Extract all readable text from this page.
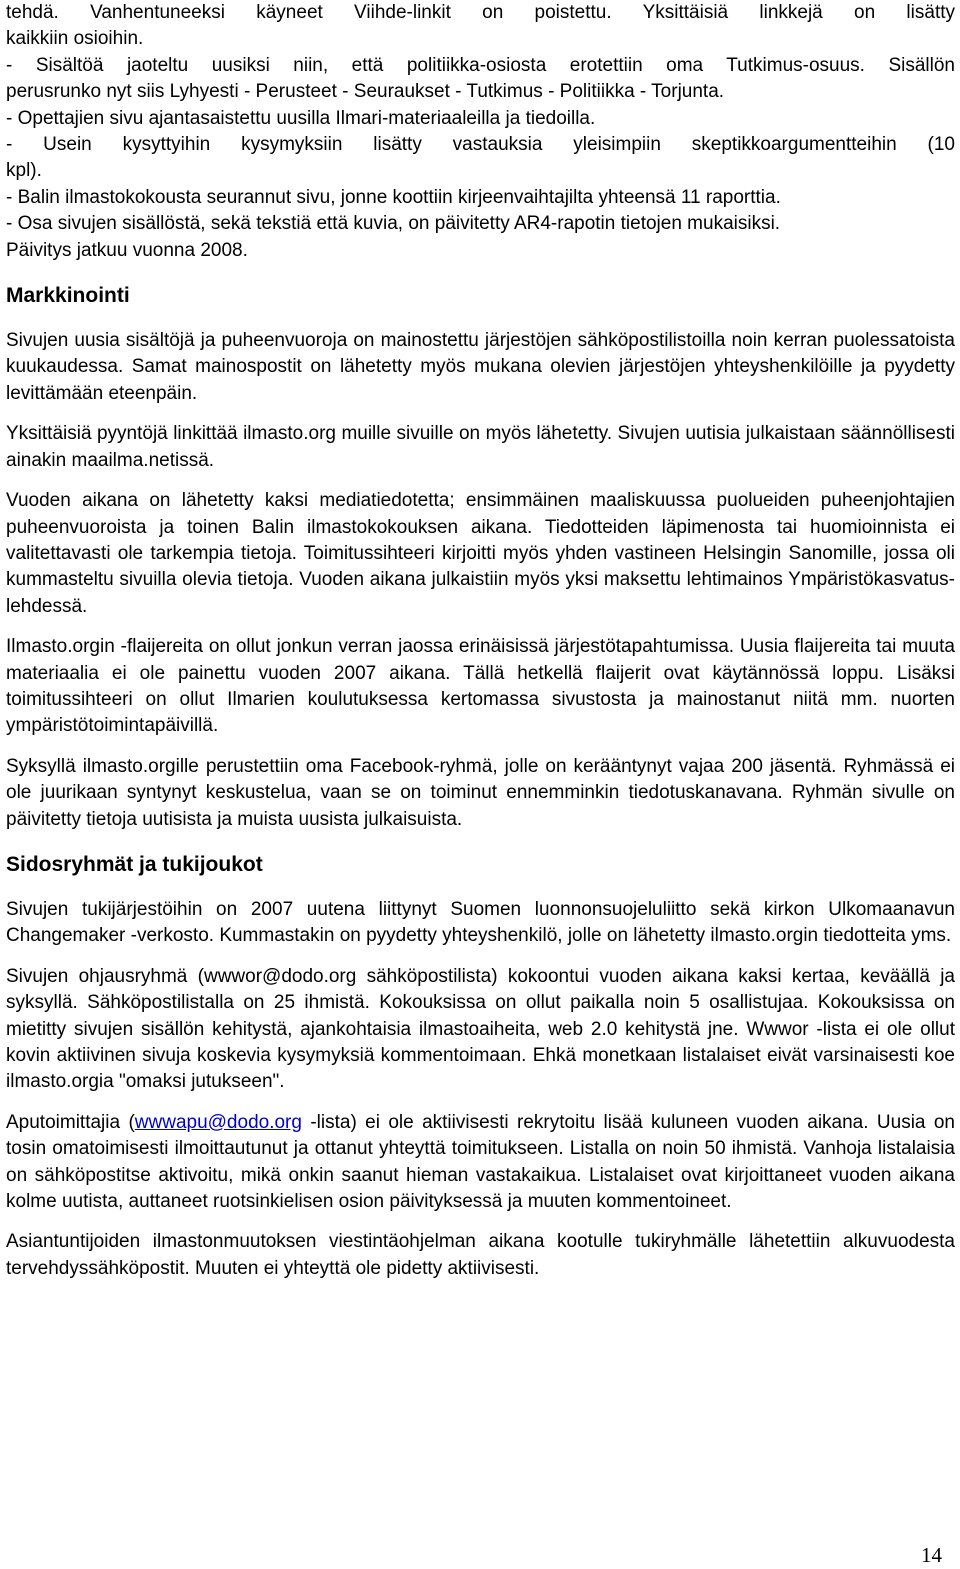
tehdä. Vanhentuneeksi käyneet Viihde-linkit on poistettu. Yksittäisiä linkkejä on lisätty
kaikkiin osioihin.
- Sisältöä jaoteltu uusiksi niin, että politiikka-osiosta erotettiin oma Tutkimus-osuus. Sisällön
perusrunko nyt siis Lyhyesti - Perusteet - Seuraukset - Tutkimus - Politiikka - Torjunta.
- Opettajien sivu ajantasaistettu uusilla Ilmari-materiaaleilla ja tiedoilla.
- Usein kysyttyihin kysymyksiin lisätty vastauksia yleisimpiin skeptikkoargumentteihin (10
kpl).
- Balin ilmastokokousta seurannut sivu, jonne koottiin kirjeenvaihtajilta yhteensä 11 raporttia.
- Osa sivujen sisällöstä, sekä tekstiä että kuvia, on päivitetty AR4-rapotin tietojen mukaisiksi.
Päivitys jatkuu vuonna 2008.
Markkinointi

Sivujen uusia sisältöjä ja puheenvuoroja on mainostettu järjestöjen sähköpostilistoilla noin kerran puolessatoista kuukaudessa. Samat mainospostit on lähetetty myös mukana olevien järjestöjen yhteyshenkilöille ja pyydetty levittämään eteenpäin.

Yksittäisiä pyyntöjä linkittää ilmasto.org muille sivuille on myös lähetetty. Sivujen uutisia julkaistaan säännöllisesti ainakin maailma.netissä.

Vuoden aikana on lähetetty kaksi mediatiedotetta; ensimmäinen maaliskuussa puolueiden puheenjohtajien puheenvuoroista ja toinen Balin ilmastokokouksen aikana. Tiedotteiden läpimenosta tai huomioinnista ei valitettavasti ole tarkempia tietoja. Toimitussihteeri kirjoitti myös yhden vastineen Helsingin Sanomille, jossa oli kummasteltu sivuilla olevia tietoja. Vuoden aikana julkaistiin myös yksi maksettu lehtimainos Ympäristökasvatus-lehdessä.

Ilmasto.orgin -flaijereita on ollut jonkun verran jaossa erinäisissä järjestötapahtumissa. Uusia flaijereita tai muuta materiaalia ei ole painettu vuoden 2007 aikana. Tällä hetkellä flaijerit ovat käytännössä loppu. Lisäksi toimitussihteeri on ollut Ilmarien koulutuksessa kertomassa sivustosta ja mainostanut niitä mm. nuorten ympäristötoimintapäivillä.

Syksyllä ilmasto.orgille perustettiin oma Facebook-ryhmä, jolle on kerääntynyt vajaa 200 jäsentä. Ryhmässä ei ole juurikaan syntynyt keskustelua, vaan se on toiminut ennemminkin tiedotuskanavana. Ryhmän sivulle on päivitetty tietoja uutisista ja muista uusista julkaisuista.

Sidosryhmät ja tukijoukot

Sivujen tukijärjestöihin on 2007 uutena liittynyt Suomen luonnonsuojeluliitto sekä kirkon Ulkomaanavun Changemaker -verkosto. Kummastakin on pyydetty yhteyshenkilö, jolle on lähetetty ilmasto.orgin tiedotteita yms.

Sivujen ohjausryhmä (wwwor@dodo.org sähköpostilista) kokoontui vuoden aikana kaksi kertaa, keväällä ja syksyllä. Sähköpostilistalla on 25 ihmistä. Kokouksissa on ollut paikalla noin 5 osallistujaa. Kokouksissa on mietitty sivujen sisällön kehitystä, ajankohtaisia ilmastoaiheita, web 2.0 kehitystä jne. Wwwor -lista ei ole ollut kovin aktiivinen sivuja koskevia kysymyksiä kommentoimaan. Ehkä monetkaan listalaiset eivät varsinaisesti koe ilmasto.orgia "omaksi jutukseen".

Aputoimittajia (wwwapu@dodo.org -lista) ei ole aktiivisesti rekrytoitu lisää kuluneen vuoden aikana. Uusia on tosin omatoimisesti ilmoittautunut ja ottanut yhteyttä toimitukseen. Listalla on noin 50 ihmistä. Vanhoja listalaisia on sähköpostitse aktivoitu, mikä onkin saanut hieman vastakaikua. Listalaiset ovat kirjoittaneet vuoden aikana kolme uutista, auttaneet ruotsinkielisen osion päivityksessä ja muuten kommentoineet.

Asiantuntijoiden ilmastonmuutoksen viestintäohjelman aikana kootulle tukiryhmälle lähetettiin alkuvuodesta tervehdyssähköpostit. Muuten ei yhteyttä ole pidetty aktiivisesti.

14
